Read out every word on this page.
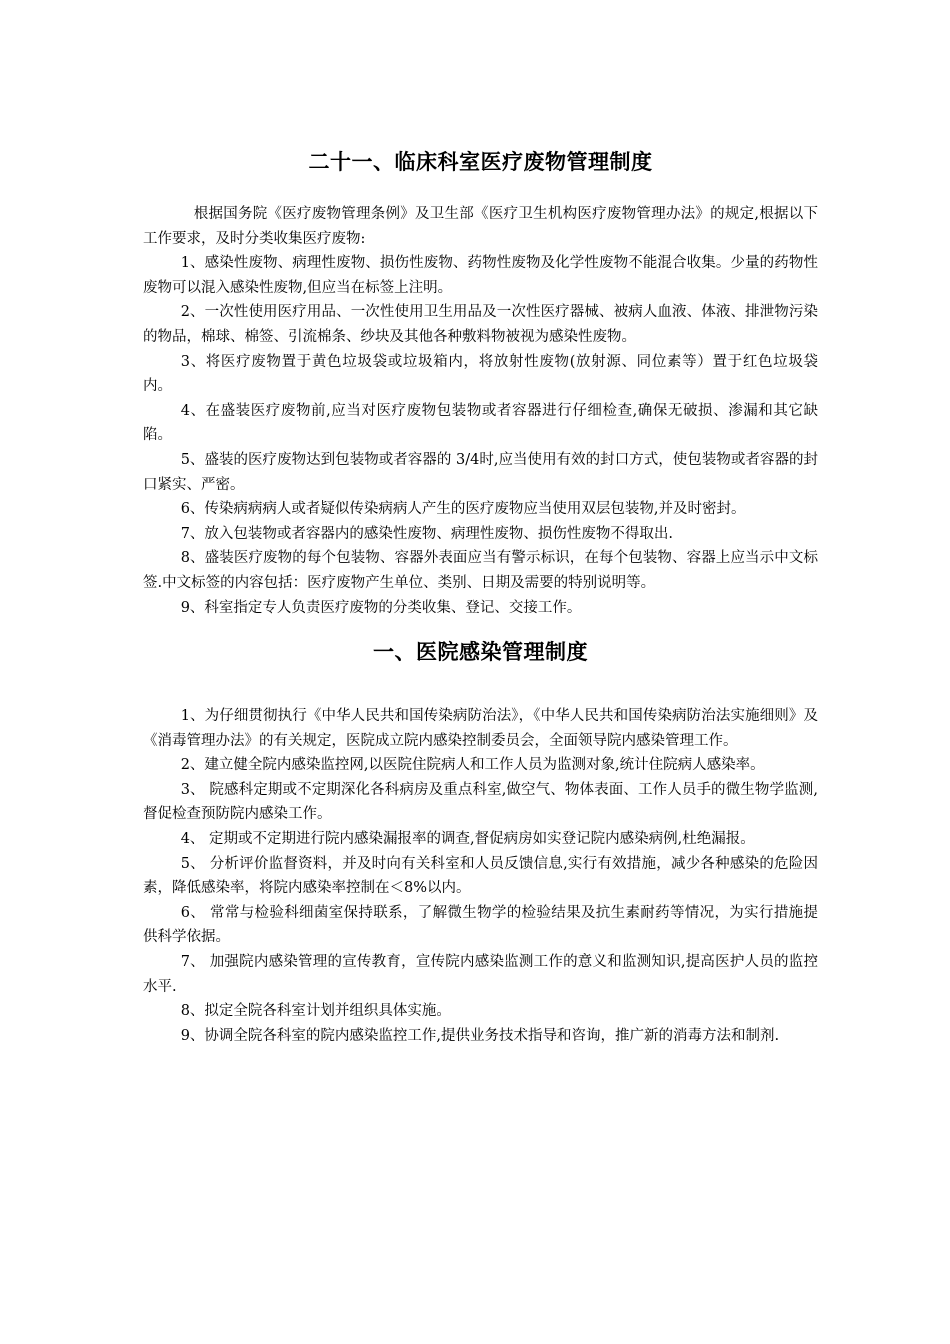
二十一、临床科室医疗废物管理制度

根据国务院《医疗废物管理条例》及卫生部《医疗卫生机构医疗废物管理办法》的规定,根据以下工作要求，及时分类收集医疗废物:

1、感染性废物、病理性废物、损伤性废物、药物性废物及化学性废物不能混合收集。少量的药物性废物可以混入感染性废物,但应当在标签上注明。

2、一次性使用医疗用品、一次性使用卫生用品及一次性医疗器械、被病人血液、体液、排泄物污染的物品，棉球、棉签、引流棉条、纱块及其他各种敷料物被视为感染性废物。

3、将医疗废物置于黄色垃圾袋或垃圾箱内，将放射性废物(放射源、同位素等）置于红色垃圾袋内。

4、在盛装医疗废物前,应当对医疗废物包装物或者容器进行仔细检查,确保无破损、渗漏和其它缺陷。

5、盛装的医疗废物达到包装物或者容器的 3/4时,应当使用有效的封口方式，使包装物或者容器的封口紧实、严密。

6、传染病病病人或者疑似传染病病人产生的医疗废物应当使用双层包装物,并及时密封。

7、放入包装物或者容器内的感染性废物、病理性废物、损伤性废物不得取出.

8、盛装医疗废物的每个包装物、容器外表面应当有警示标识，在每个包装物、容器上应当示中文标签.中文标签的内容包括：医疗废物产生单位、类别、日期及需要的特别说明等。

9、科室指定专人负责医疗废物的分类收集、登记、交接工作。

一、医院感染管理制度

1、为仔细贯彻执行《中华人民共和国传染病防治法》，《中华人民共和国传染病防治法实施细则》及《消毒管理办法》的有关规定，医院成立院内感染控制委员会，全面领导院内感染管理工作。

2、建立健全院内感染监控网,以医院住院病人和工作人员为监测对象,统计住院病人感染率。

3、 院感科定期或不定期深化各科病房及重点科室,做空气、物体表面、工作人员手的微生物学监测,督促检查预防院内感染工作。

4、 定期或不定期进行院内感染漏报率的调查,督促病房如实登记院内感染病例,杜绝漏报。

5、 分析评价监督资料，并及时向有关科室和人员反馈信息,实行有效措施，减少各种感染的危险因素，降低感染率，将院内感染率控制在＜8%以内。

6、 常常与检验科细菌室保持联系，了解微生物学的检验结果及抗生素耐药等情况，为实行措施提供科学依据。

7、 加强院内感染管理的宣传教育，宣传院内感染监测工作的意义和监测知识,提高医护人员的监控水平.

8、拟定全院各科室计划并组织具体实施。

9、协调全院各科室的院内感染监控工作,提供业务技术指导和咨询，推广新的消毒方法和制剂.
